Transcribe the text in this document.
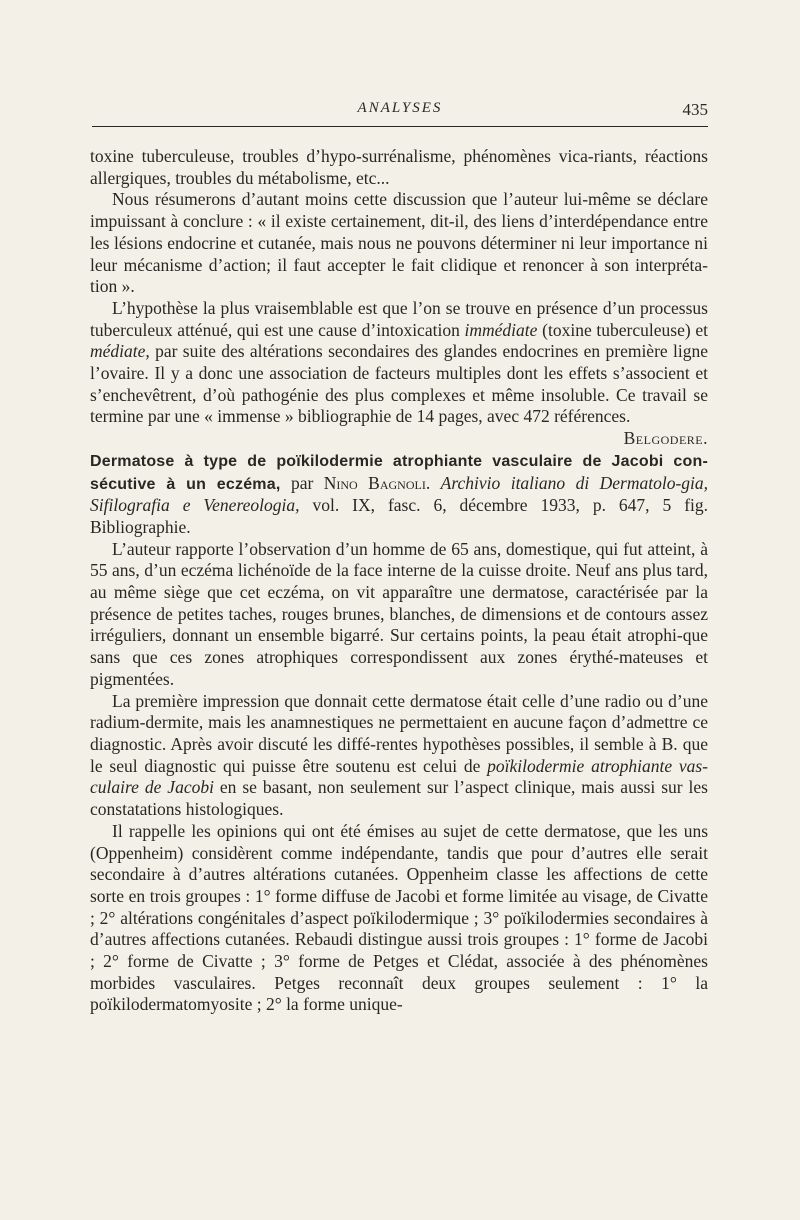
ANALYSES	435

toxine tuberculeuse, troubles d’hypo-surrénalisme, phénomènes vica-riants, réactions allergiques, troubles du métabolisme, etc...

Nous résumerons d’autant moins cette discussion que l’auteur lui-même se déclare impuissant à conclure : « il existe certainement, dit-il, des liens d’interdépendance entre les lésions endocrine et cutanée, mais nous ne pouvons déterminer ni leur importance ni leur mécanisme d’action; il faut accepter le fait clidique et renoncer à son interpréta-tion ».

L’hypothèse la plus vraisemblable est que l’on se trouve en présence d’un processus tuberculeux atténué, qui est une cause d’intoxication immédiate (toxine tuberculeuse) et médiate, par suite des altérations secondaires des glandes endocrines en première ligne l’ovaire. Il y a donc une association de facteurs multiples dont les effets s’associent et s’enchevêtrent, d’où pathogénie des plus complexes et même insoluble. Ce travail se termine par une « immense » bibliographie de 14 pages, avec 472 références.
Belgodere.

Dermatose à type de poïkilodermie atrophiante vasculaire de Jacobi con-sécutive à un eczéma, par Nino Bagnoli. Archivio italiano di Dermatolo-gia, Sifilografia e Venereologia, vol. IX, fasc. 6, décembre 1933, p. 647, 5 fig. Bibliographie.

L’auteur rapporte l’observation d’un homme de 65 ans, domestique, qui fut atteint, à 55 ans, d’un eczéma lichénoïde de la face interne de la cuisse droite. Neuf ans plus tard, au même siège que cet eczéma, on vit apparaître une dermatose, caractérisée par la présence de petites taches, rouges brunes, blanches, de dimensions et de contours assez irréguliers, donnant un ensemble bigarré. Sur certains points, la peau était atrophi-que sans que ces zones atrophiques correspondissent aux zones érythé-mateuses et pigmentées.

La première impression que donnait cette dermatose était celle d’une radio ou d’une radium-dermite, mais les anamnestiques ne permettaient en aucune façon d’admettre ce diagnostic. Après avoir discuté les diffé-rentes hypothèses possibles, il semble à B. que le seul diagnostic qui puisse être soutenu est celui de poïkilodermie atrophiante vas-culaire de Jacobi en se basant, non seulement sur l’aspect clinique, mais aussi sur les constatations histologiques.

Il rappelle les opinions qui ont été émises au sujet de cette dermatose, que les uns (Oppenheim) considèrent comme indépendante, tandis que pour d’autres elle serait secondaire à d’autres altérations cutanées. Oppenheim classe les affections de cette sorte en trois groupes : 1° forme diffuse de Jacobi et forme limitée au visage, de Civatte ; 2° altérations congénitales d’aspect poïkilodermique ; 3° poïkilodermies secondaires à d’autres affections cutanées. Rebaudi distingue aussi trois groupes : 1° forme de Jacobi ; 2° forme de Civatte ; 3° forme de Petges et Clédat, associée à des phénomènes morbides vasculaires. Petges reconnaît deux groupes seulement : 1° la poïkilodermatomyosite ; 2° la forme unique-
